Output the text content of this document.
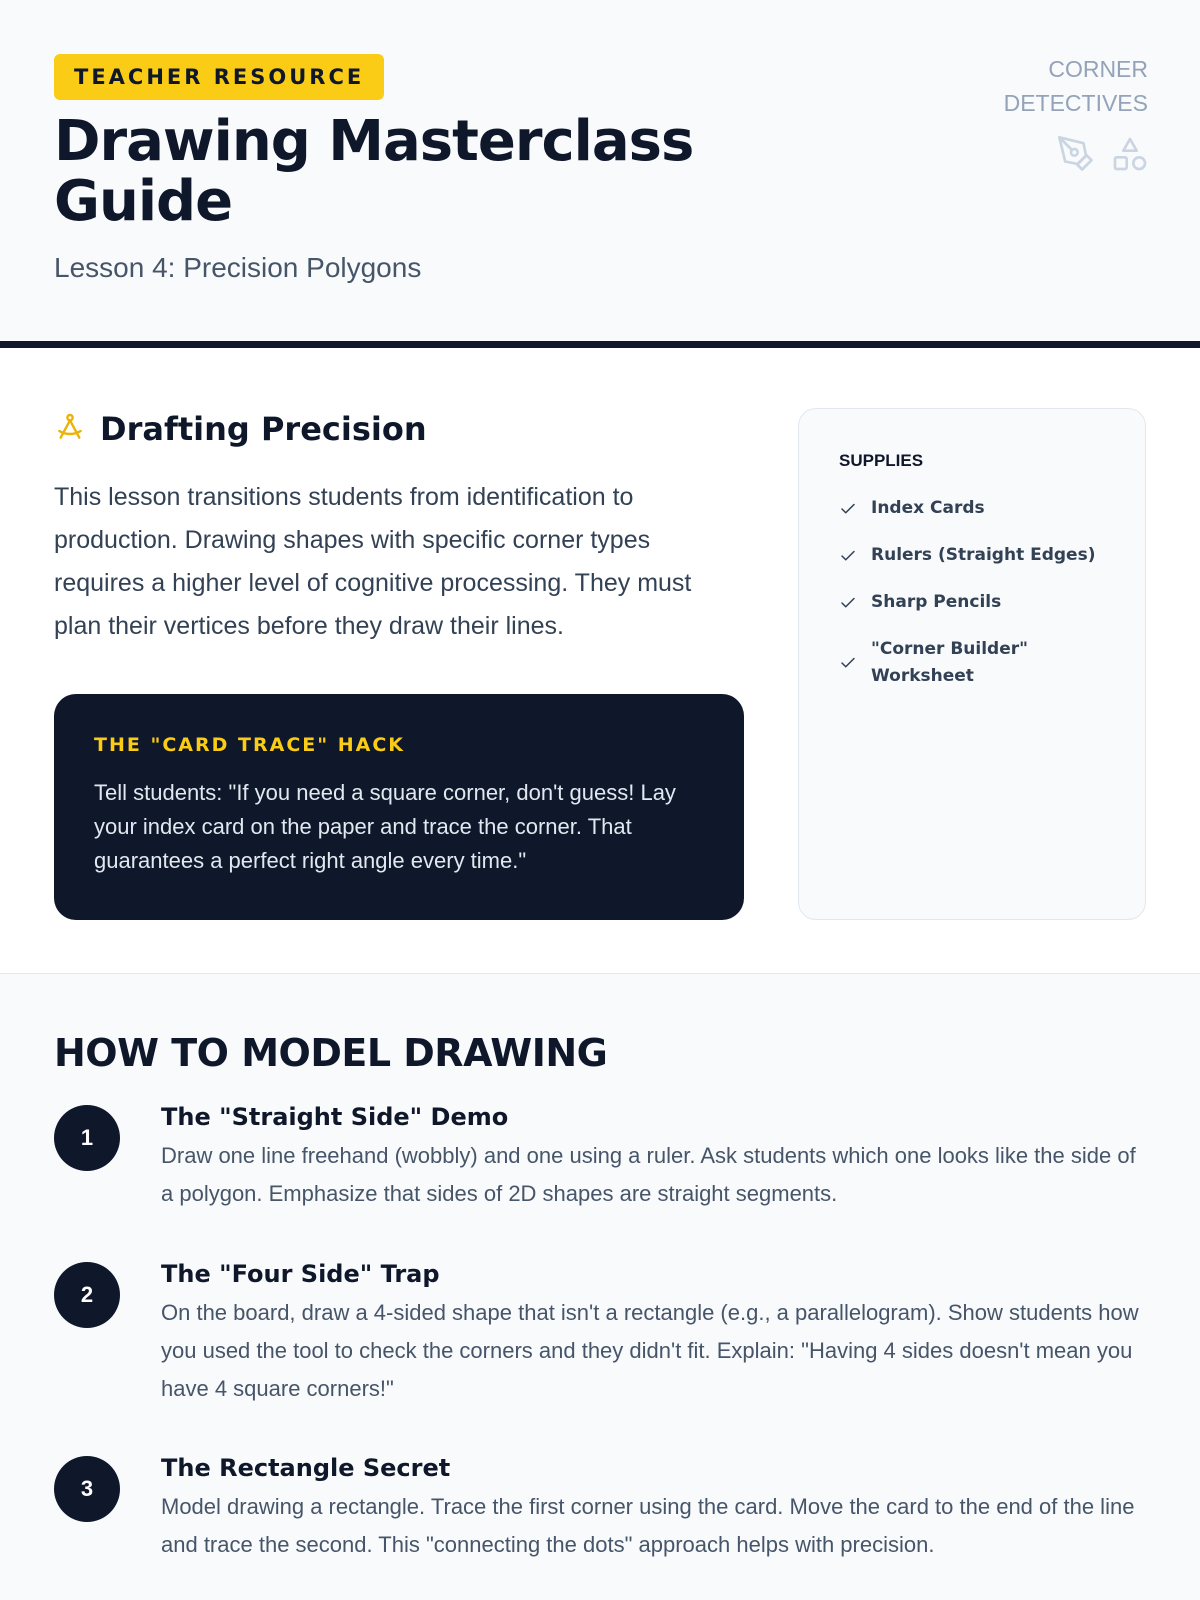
TEACHER RESOURCE
Drawing Masterclass Guide
Lesson 4: Precision Polygons
CORNER
DETECTIVES
Drafting Precision

This lesson transitions students from identification to production. Drawing shapes with specific corner types requires a higher level of cognitive processing. They must plan their vertices before they draw their lines.

THE "CARD TRACE" HACK

Tell students: "If you need a square corner, don't guess! Lay your index card on the paper and trace the corner. That guarantees a perfect right angle every time."

SUPPLIES
Index Cards
Rulers (Straight Edges)
Sharp Pencils
"Corner Builder" Worksheet
HOW TO MODEL DRAWING
1
The "Straight Side" Demo

Draw one line freehand (wobbly) and one using a ruler. Ask students which one looks like the side of a polygon. Emphasize that sides of 2D shapes are straight segments.

2
The "Four Side" Trap

On the board, draw a 4-sided shape that isn't a rectangle (e.g., a parallelogram). Show students how you used the tool to check the corners and they didn't fit. Explain: "Having 4 sides doesn't mean you have 4 square corners!"

3
The Rectangle Secret

Model drawing a rectangle. Trace the first corner using the card. Move the card to the end of the line and trace the second. This "connecting the dots" approach helps with precision.
